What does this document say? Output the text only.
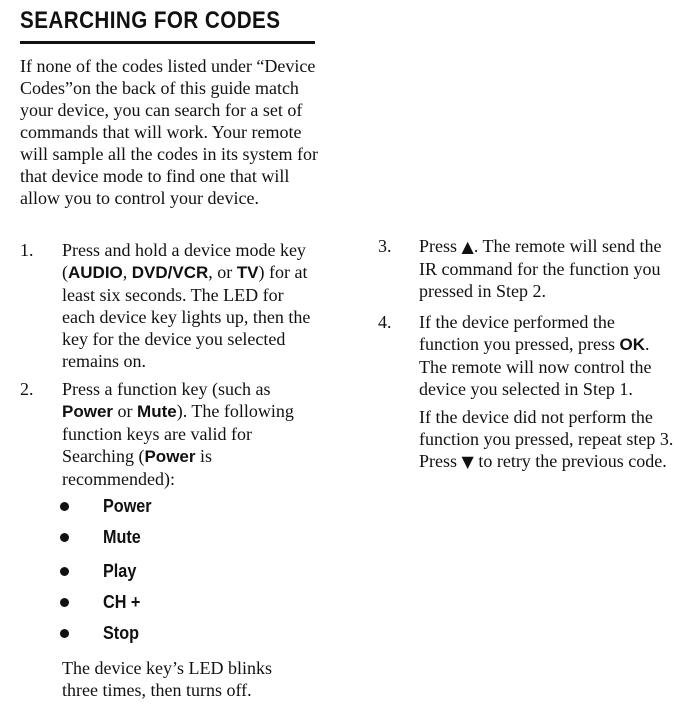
SEARCHING FOR CODES
If none of the codes listed under “Device Codes”on the back of this guide match your device, you can search for a set of commands that will work. Your remote will sample all the codes in its system for that device mode to find one that will allow you to control your device.
1. Press and hold a device mode key (AUDIO, DVD/VCR, or TV) for at least six seconds. The LED for each device key lights up, then the key for the device you selected remains on.
2. Press a function key (such as Power or Mute). The following function keys are valid for Searching (Power is recommended):
Power
Mute
Play
CH +
Stop
The device key’s LED blinks three times, then turns off.
3. Press ▲. The remote will send the IR command for the function you pressed in Step 2.
4. If the device performed the function you pressed, press OK. The remote will now control the device you selected in Step 1.
If the device did not perform the function you pressed, repeat step 3. Press ▼ to retry the previous code.
